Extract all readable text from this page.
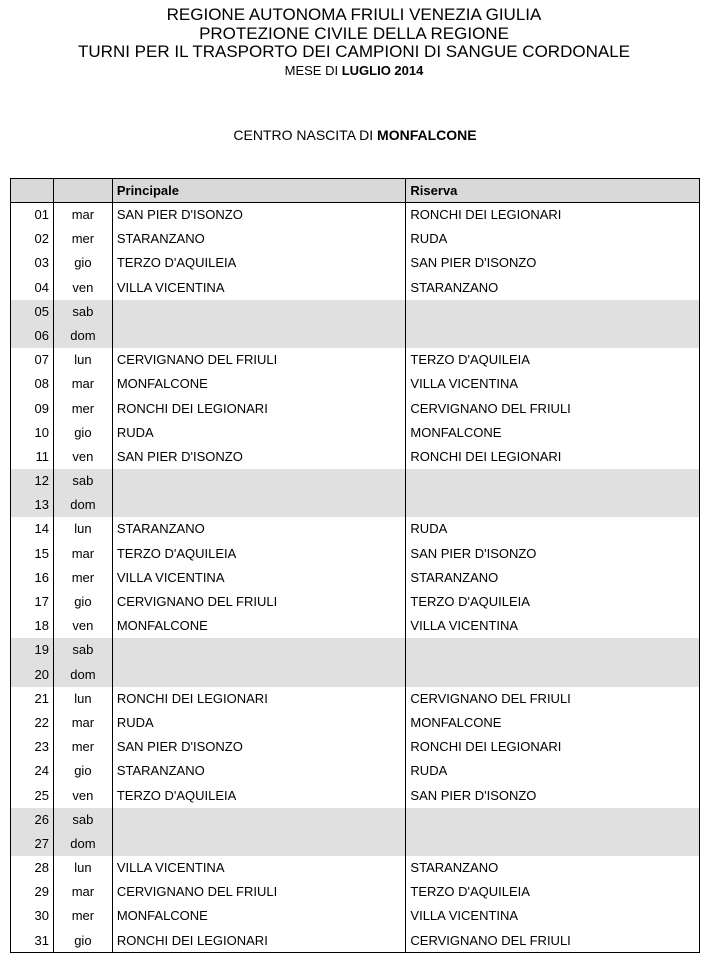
REGIONE AUTONOMA FRIULI VENEZIA GIULIA
PROTEZIONE CIVILE DELLA REGIONE
TURNI PER IL TRASPORTO DEI CAMPIONI DI SANGUE CORDONALE
MESE DI LUGLIO 2014
CENTRO NASCITA DI MONFALCONE
Principale	Riserva
01	mar	SAN PIER D'ISONZO	RONCHI DEI LEGIONARI
02	mer	STARANZANO	RUDA
03	gio	TERZO D'AQUILEIA	SAN PIER D'ISONZO
04	ven	VILLA VICENTINA	STARANZANO
05	sab
06	dom
07	lun	CERVIGNANO DEL FRIULI	TERZO D'AQUILEIA
08	mar	MONFALCONE	VILLA VICENTINA
09	mer	RONCHI DEI LEGIONARI	CERVIGNANO DEL FRIULI
10	gio	RUDA	MONFALCONE
11	ven	SAN PIER D'ISONZO	RONCHI DEI LEGIONARI
12	sab
13	dom
14	lun	STARANZANO	RUDA
15	mar	TERZO D'AQUILEIA	SAN PIER D'ISONZO
16	mer	VILLA VICENTINA	STARANZANO
17	gio	CERVIGNANO DEL FRIULI	TERZO D'AQUILEIA
18	ven	MONFALCONE	VILLA VICENTINA
19	sab
20	dom
21	lun	RONCHI DEI LEGIONARI	CERVIGNANO DEL FRIULI
22	mar	RUDA	MONFALCONE
23	mer	SAN PIER D'ISONZO	RONCHI DEI LEGIONARI
24	gio	STARANZANO	RUDA
25	ven	TERZO D'AQUILEIA	SAN PIER D'ISONZO
26	sab
27	dom
28	lun	VILLA VICENTINA	STARANZANO
29	mar	CERVIGNANO DEL FRIULI	TERZO D'AQUILEIA
30	mer	MONFALCONE	VILLA VICENTINA
31	gio	RONCHI DEI LEGIONARI	CERVIGNANO DEL FRIULI
